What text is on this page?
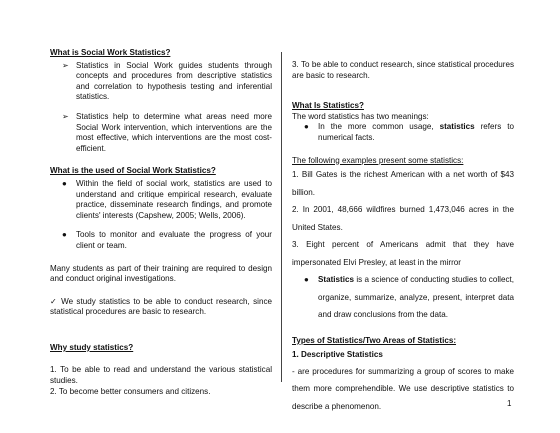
What is Social Work Statistics?
➢ Statistics in Social Work guides students through concepts and procedures from descriptive statistics and correlation to hypothesis testing and inferential statistics.
➢ Statistics help to determine what areas need more Social Work intervention, which interventions are the most effective, which interventions are the most cost-efficient.
What is the used of Social Work Statistics?
● Within the field of social work, statistics are used to understand and critique empirical research, evaluate practice, disseminate research findings, and promote clients' interests (Capshew, 2005; Wells, 2006).
● Tools to monitor and evaluate the progress of your client or team.
Many students as part of their training are required to design and conduct original investigations.
✓ We study statistics to be able to conduct research, since statistical procedures are basic to research.
Why study statistics?
1. To be able to read and understand the various statistical studies.
2. To become better consumers and citizens.
3. To be able to conduct research, since statistical procedures are basic to research.
What Is Statistics?
The word statistics has two meanings:
● In the more common usage, statistics refers to numerical facts.
The following examples present some statistics:
1. Bill Gates is the richest American with a net worth of $43 billion.
2. In 2001, 48,666 wildfires burned 1,473,046 acres in the United States.
3. Eight percent of Americans admit that they have impersonated Elvi Presley, at least in the mirror
● Statistics is a science of conducting studies to collect, organize, summarize, analyze, present, interpret data and draw conclusions from the data.
Types of Statistics/Two Areas of Statistics:
1. Descriptive Statistics
- are procedures for summarizing a group of scores to make them more comprehendible. We use descriptive statistics to describe a phenomenon.	1
